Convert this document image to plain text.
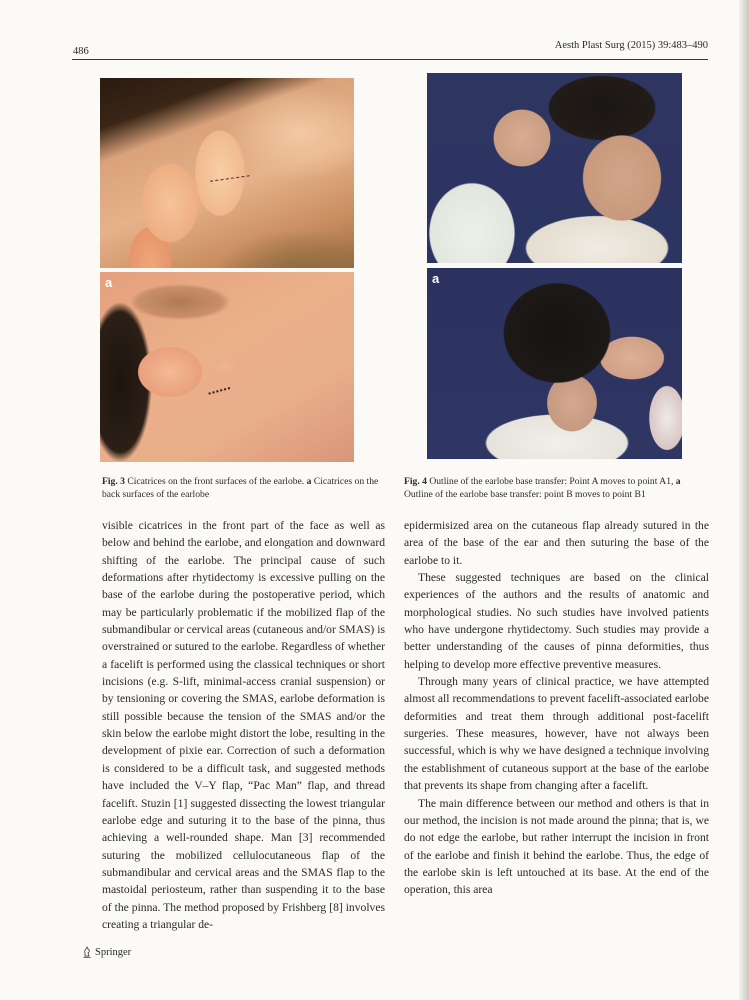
486
Aesth Plast Surg (2015) 39:483–490
a	a
Fig. 3 Cicatrices on the front surfaces of the earlobe. a Cicatrices on the back surfaces of the earlobe
Fig. 4 Outline of the earlobe base transfer: Point A moves to point A1, a Outline of the earlobe base transfer: point B moves to point B1

visible cicatrices in the front part of the face as well as below and behind the earlobe, and elongation and downward shifting of the earlobe. The principal cause of such deformations after rhytidectomy is excessive pulling on the base of the earlobe during the postoperative period, which may be particularly problematic if the mobilized flap of the submandibular or cervical areas (cutaneous and/or SMAS) is overstrained or sutured to the earlobe. Regardless of whether a facelift is performed using the classical techniques or short incisions (e.g. S-lift, minimal-access cranial suspension) or by tensioning or covering the SMAS, earlobe deformation is still possible because the tension of the SMAS and/or the skin below the earlobe might distort the lobe, resulting in the development of pixie ear. Correction of such a deformation is considered to be a difficult task, and suggested methods have included the V–Y flap, “Pac Man” flap, and thread facelift. Stuzin [1] suggested dissecting the lowest triangular earlobe edge and suturing it to the base of the pinna, thus achieving a well-rounded shape. Man [3] recommended suturing the mobilized cellulocutaneous flap of the submandibular and cervical areas and the SMAS flap to the mastoidal periosteum, rather than suspending it to the base of the pinna. The method proposed by Frishberg [8] involves creating a triangular de-

epidermisized area on the cutaneous flap already sutured in the area of the base of the ear and then suturing the base of the earlobe to it.

These suggested techniques are based on the clinical experiences of the authors and the results of anatomic and morphological studies. No such studies have involved patients who have undergone rhytidectomy. Such studies may provide a better understanding of the causes of pinna deformities, thus helping to develop more effective preventive measures.

Through many years of clinical practice, we have attempted almost all recommendations to prevent facelift-associated earlobe deformities and treat them through additional post-facelift surgeries. These measures, however, have not always been successful, which is why we have designed a technique involving the establishment of cutaneous support at the base of the earlobe that prevents its shape from changing after a facelift.

The main difference between our method and others is that in our method, the incision is not made around the pinna; that is, we do not edge the earlobe, but rather interrupt the incision in front of the earlobe and finish it behind the earlobe. Thus, the edge of the earlobe skin is left untouched at its base. At the end of the operation, this area

Springer
